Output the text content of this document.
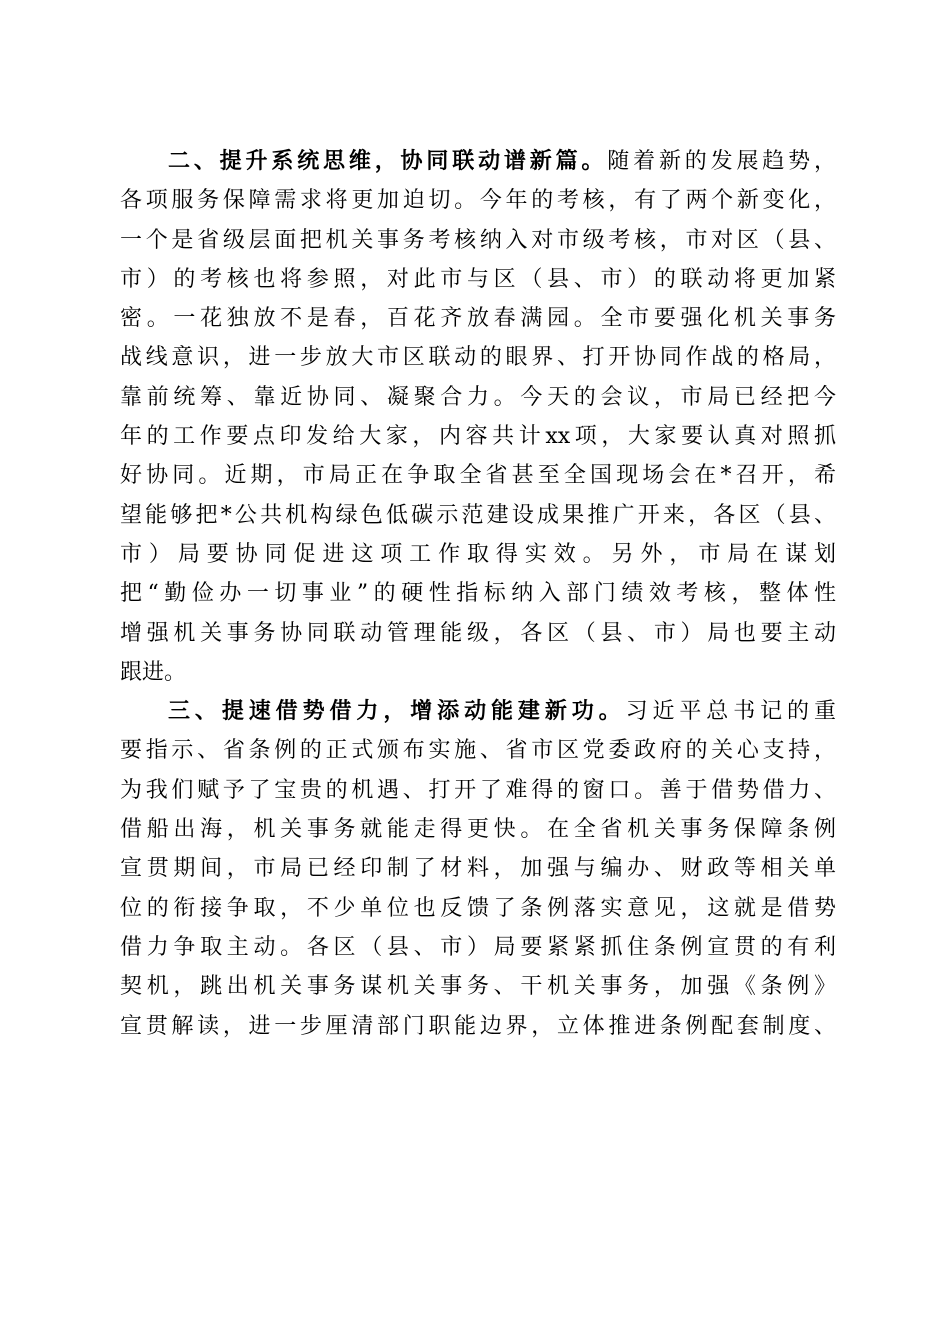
二、提升系统思维，协同联动谱新篇。随着新的发展趋势，
各项服务保障需求将更加迫切。今年的考核，有了两个新变化，
一个是省级层面把机关事务考核纳入对市级考核，市对区（县、
市）的考核也将参照，对此市与区（县、市）的联动将更加紧
密。一花独放不是春，百花齐放春满园。全市要强化机关事务
战线意识，进一步放大市区联动的眼界、打开协同作战的格局，
靠前统筹、靠近协同、凝聚合力。今天的会议，市局已经把今
年的工作要点印发给大家，内容共计xx项，大家要认真对照抓
好协同。近期，市局正在争取全省甚至全国现场会在*召开，希
望能够把*公共机构绿色低碳示范建设成果推广开来，各区（县、
市）局要协同促进这项工作取得实效。另外，市局在谋划
把“勤俭办一切事业”的硬性指标纳入部门绩效考核，整体性
增强机关事务协同联动管理能级，各区（县、市）局也要主动
跟进。
三、提速借势借力，增添动能建新功。习近平总书记的重
要指示、省条例的正式颁布实施、省市区党委政府的关心支持，
为我们赋予了宝贵的机遇、打开了难得的窗口。善于借势借力、
借船出海，机关事务就能走得更快。在全省机关事务保障条例
宣贯期间，市局已经印制了材料，加强与编办、财政等相关单
位的衔接争取，不少单位也反馈了条例落实意见，这就是借势
借力争取主动。各区（县、市）局要紧紧抓住条例宣贯的有利
契机，跳出机关事务谋机关事务、干机关事务，加强《条例》
宣贯解读，进一步厘清部门职能边界，立体推进条例配套制度、
